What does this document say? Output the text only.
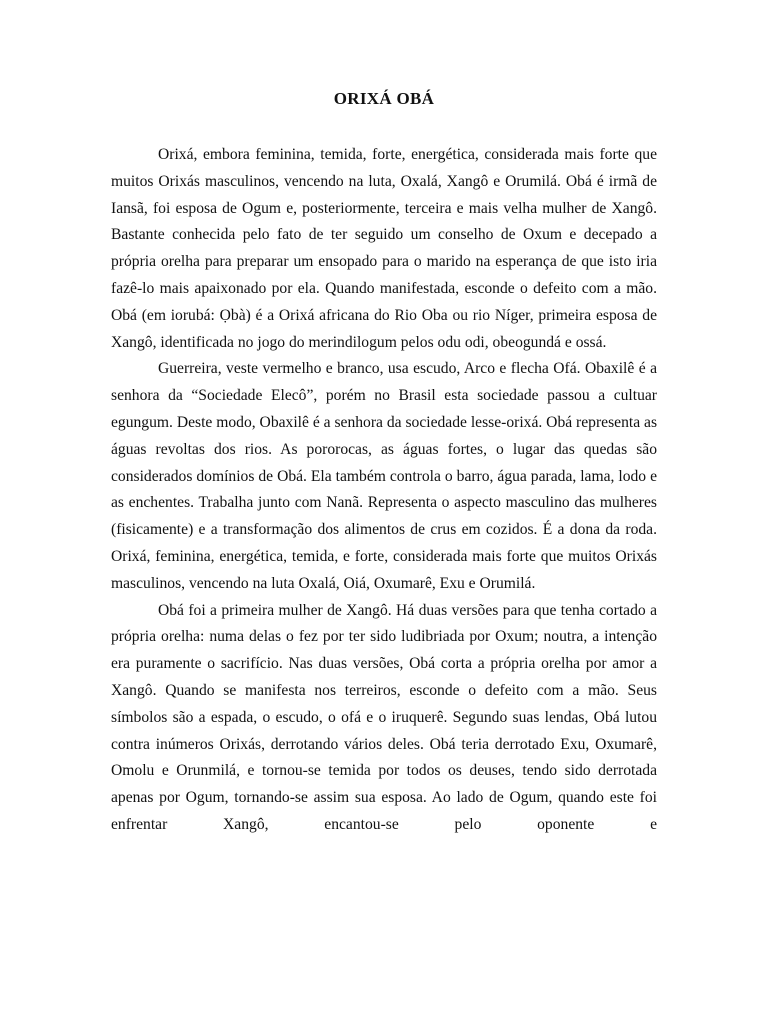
ORIXÁ OBÁ

Orixá, embora feminina, temida, forte, energética, considerada mais forte que muitos Orixás masculinos, vencendo na luta, Oxalá, Xangô e Orumilá. Obá é irmã de Iansã, foi esposa de Ogum e, posteriormente, terceira e mais velha mulher de Xangô. Bastante conhecida pelo fato de ter seguido um conselho de Oxum e decepado a própria orelha para preparar um ensopado para o marido na esperança de que isto iria fazê-lo mais apaixonado por ela. Quando manifestada, esconde o defeito com a mão. Obá (em iorubá: Ọbà) é a Orixá africana do Rio Oba ou rio Níger, primeira esposa de Xangô, identificada no jogo do merindilogum pelos odu odi, obeogundá e ossá.

Guerreira, veste vermelho e branco, usa escudo, Arco e flecha Ofá. Obaxilê é a senhora da “Sociedade Elecô”, porém no Brasil esta sociedade passou a cultuar egungum. Deste modo, Obaxilê é a senhora da sociedade lesse-orixá. Obá representa as águas revoltas dos rios. As pororocas, as águas fortes, o lugar das quedas são considerados domínios de Obá. Ela também controla o barro, água parada, lama, lodo e as enchentes. Trabalha junto com Nanã. Representa o aspecto masculino das mulheres (fisicamente) e a transformação dos alimentos de crus em cozidos. É a dona da roda. Orixá, feminina, energética, temida, e forte, considerada mais forte que muitos Orixás masculinos, vencendo na luta Oxalá, Oiá, Oxumarê, Exu e Orumilá.

Obá foi a primeira mulher de Xangô. Há duas versões para que tenha cortado a própria orelha: numa delas o fez por ter sido ludibriada por Oxum; noutra, a intenção era puramente o sacrifício. Nas duas versões, Obá corta a própria orelha por amor a Xangô. Quando se manifesta nos terreiros, esconde o defeito com a mão. Seus símbolos são a espada, o escudo, o ofá e o iruquerê. Segundo suas lendas, Obá lutou contra inúmeros Orixás, derrotando vários deles. Obá teria derrotado Exu, Oxumarê, Omolu e Orunmilá, e tornou-se temida por todos os deuses, tendo sido derrotada apenas por Ogum, tornando-se assim sua esposa. Ao lado de Ogum, quando este foi enfrentar Xangô, encantou-se pelo oponente e
